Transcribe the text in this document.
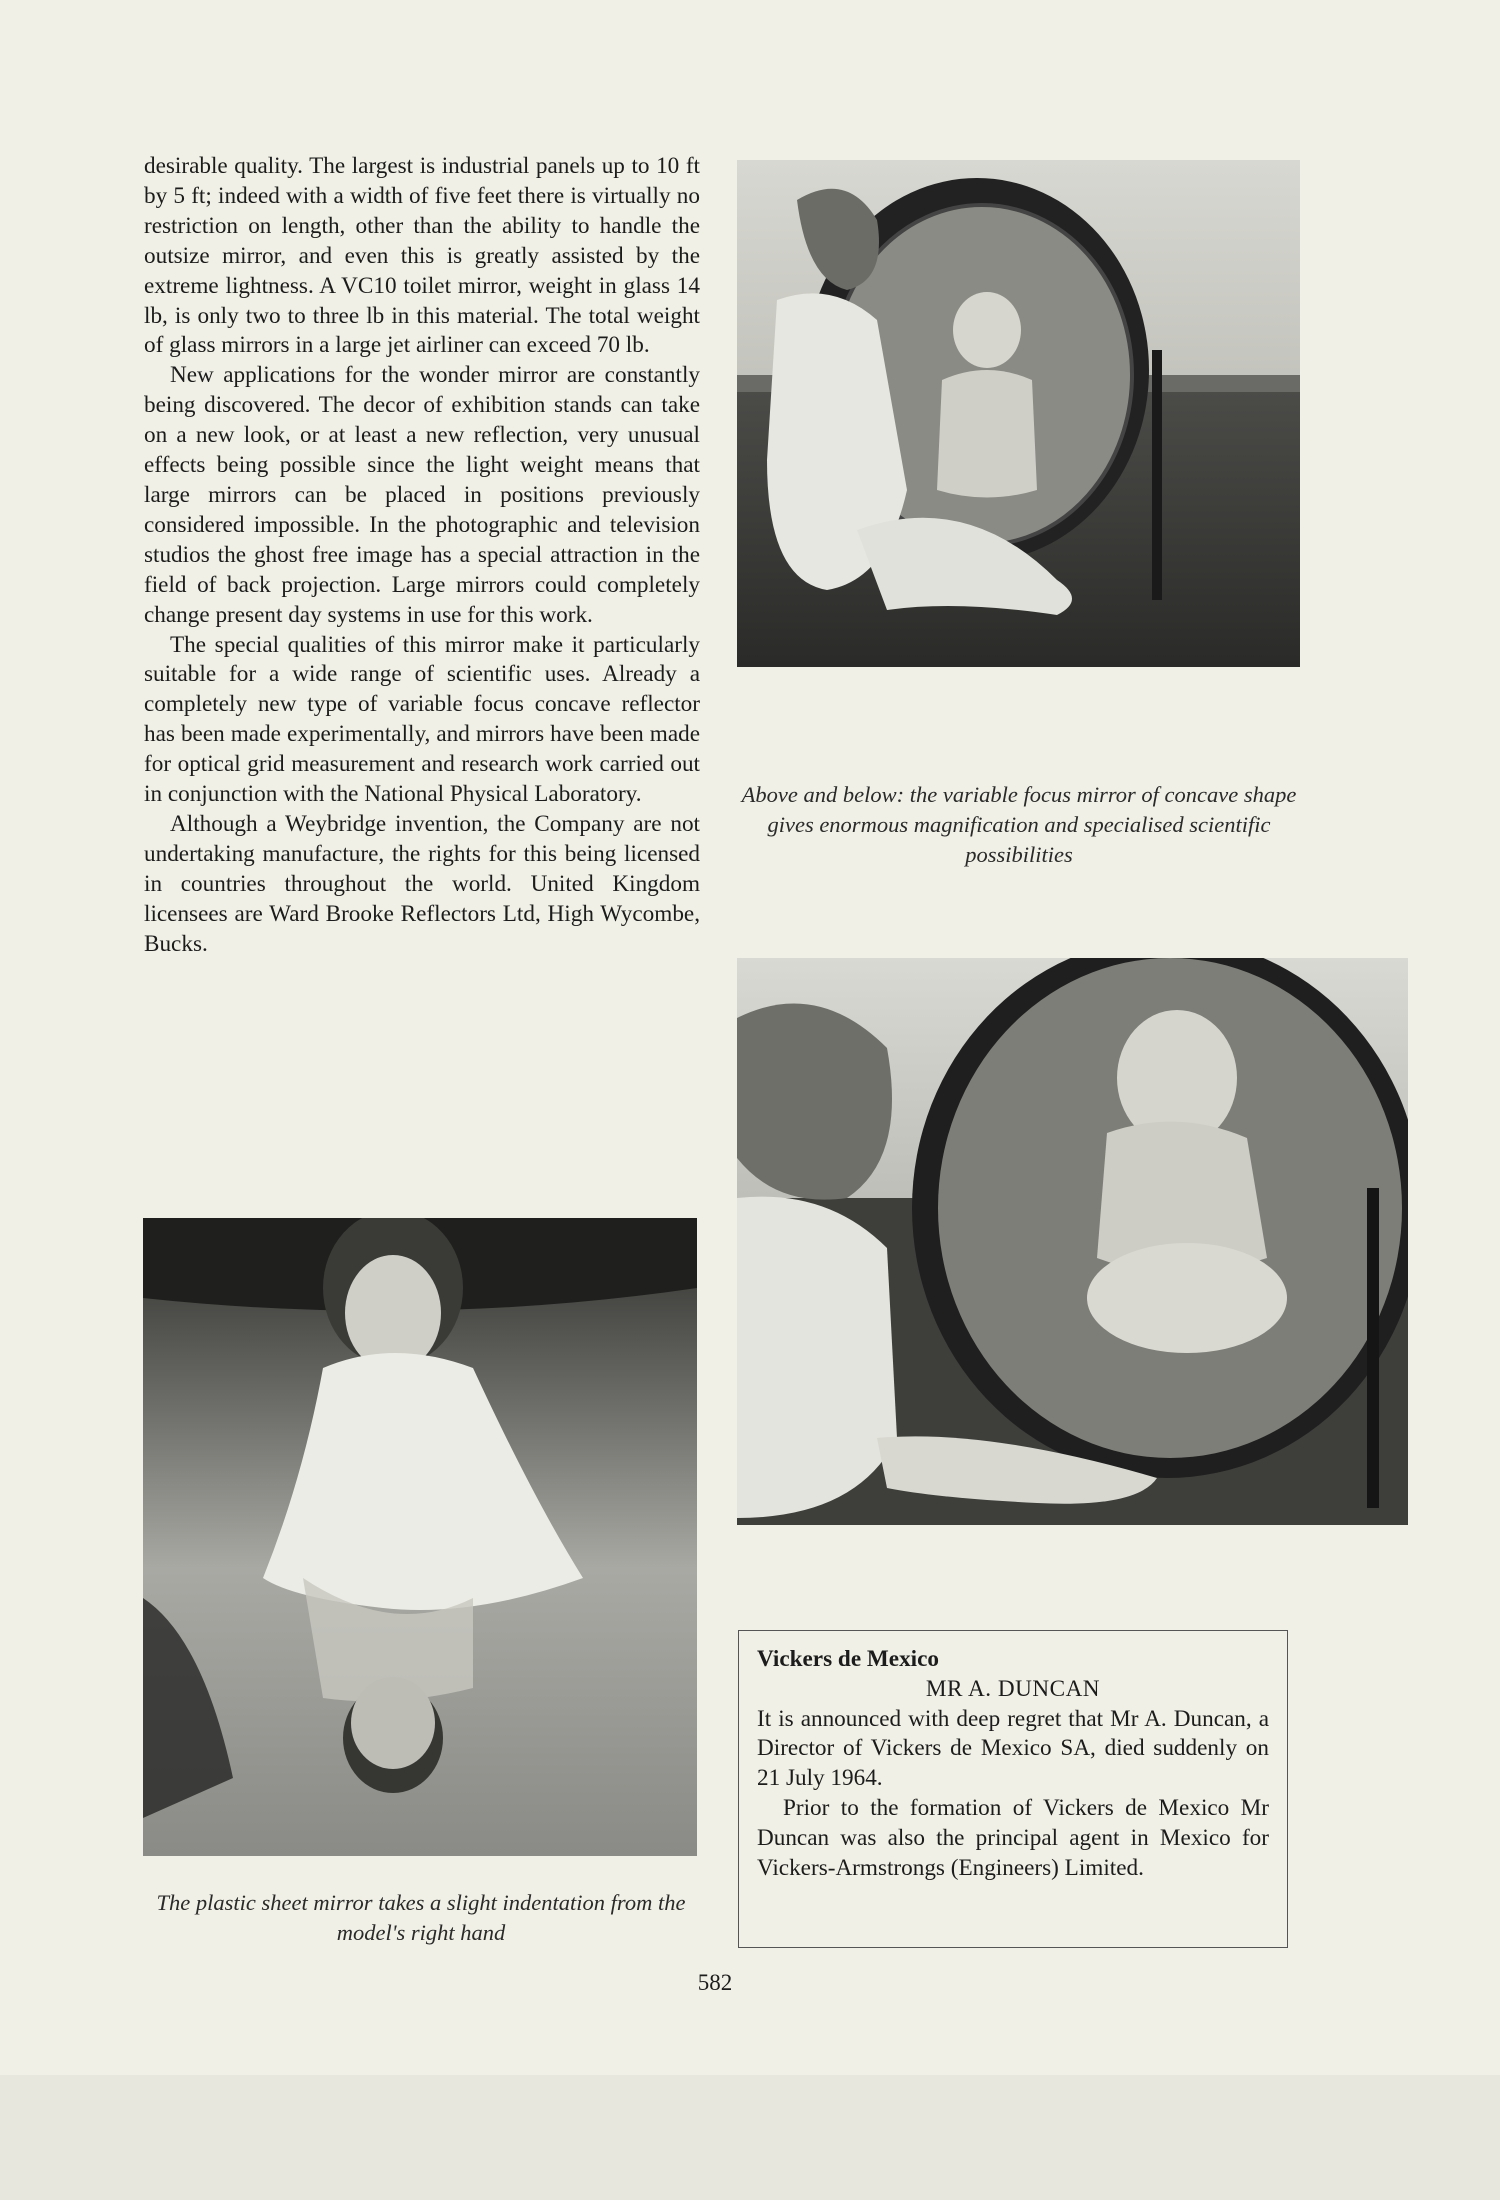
desirable quality. The largest is industrial panels up to 10 ft by 5 ft; indeed with a width of five feet there is virtually no restriction on length, other than the ability to handle the outsize mirror, and even this is greatly assisted by the extreme lightness. A VC10 toilet mirror, weight in glass 14 lb, is only two to three lb in this material. The total weight of glass mirrors in a large jet airliner can exceed 70 lb.

New applications for the wonder mirror are constantly being discovered. The decor of exhibition stands can take on a new look, or at least a new reflection, very unusual effects being possible since the light weight means that large mirrors can be placed in positions previously considered impossible. In the photographic and television studios the ghost free image has a special attraction in the field of back projection. Large mirrors could completely change present day systems in use for this work.

The special qualities of this mirror make it particularly suitable for a wide range of scientific uses. Already a completely new type of variable focus concave reflector has been made experimentally, and mirrors have been made for optical grid measurement and research work carried out in conjunction with the National Physical Laboratory.

Although a Weybridge invention, the Company are not undertaking manufacture, the rights for this being licensed in countries throughout the world. United Kingdom licensees are Ward Brooke Reflectors Ltd, High Wycombe, Bucks.

Above and below: the variable focus mirror of concave shape gives enormous magnification and specialised scientific possibilities
The plastic sheet mirror takes a slight indentation from the model's right hand
Vickers de Mexico
MR A. DUNCAN

It is announced with deep regret that Mr A. Duncan, a Director of Vickers de Mexico SA, died suddenly on 21 July 1964.

Prior to the formation of Vickers de Mexico Mr Duncan was also the principal agent in Mexico for Vickers-Armstrongs (Engineers) Limited.

582
